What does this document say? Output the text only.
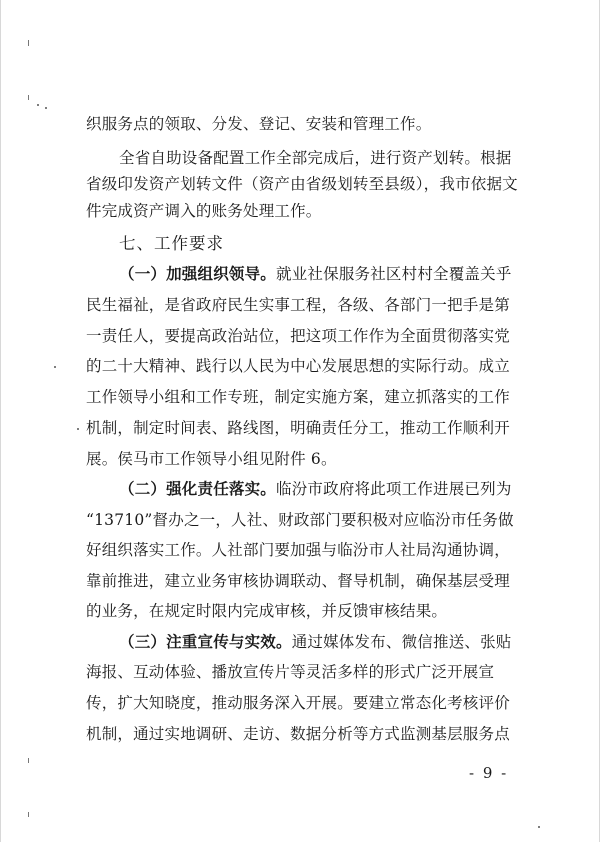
织服务点的领取、分发、登记、安装和管理工作。
全省自助设备配置工作全部完成后，进行资产划转。根据
省级印发资产划转文件（资产由省级划转至县级），我市依据文
件完成资产调入的账务处理工作。
七、工作要求
（一）加强组织领导。就业社保服务社区村村全覆盖关乎
民生福祉，是省政府民生实事工程，各级、各部门一把手是第
一责任人，要提高政治站位，把这项工作作为全面贯彻落实党
的二十大精神、践行以人民为中心发展思想的实际行动。成立
工作领导小组和工作专班，制定实施方案，建立抓落实的工作
机制，制定时间表、路线图，明确责任分工，推动工作顺利开
展。侯马市工作领导小组见附件 6。
（二）强化责任落实。临汾市政府将此项工作进展已列为
“13710”督办之一，人社、财政部门要积极对应临汾市任务做
好组织落实工作。人社部门要加强与临汾市人社局沟通协调，
靠前推进，建立业务审核协调联动、督导机制，确保基层受理
的业务，在规定时限内完成审核，并反馈审核结果。
（三）注重宣传与实效。通过媒体发布、微信推送、张贴
海报、互动体验、播放宣传片等灵活多样的形式广泛开展宣
传，扩大知晓度，推动服务深入开展。要建立常态化考核评价
机制，通过实地调研、走访、数据分析等方式监测基层服务点
- 9 -
